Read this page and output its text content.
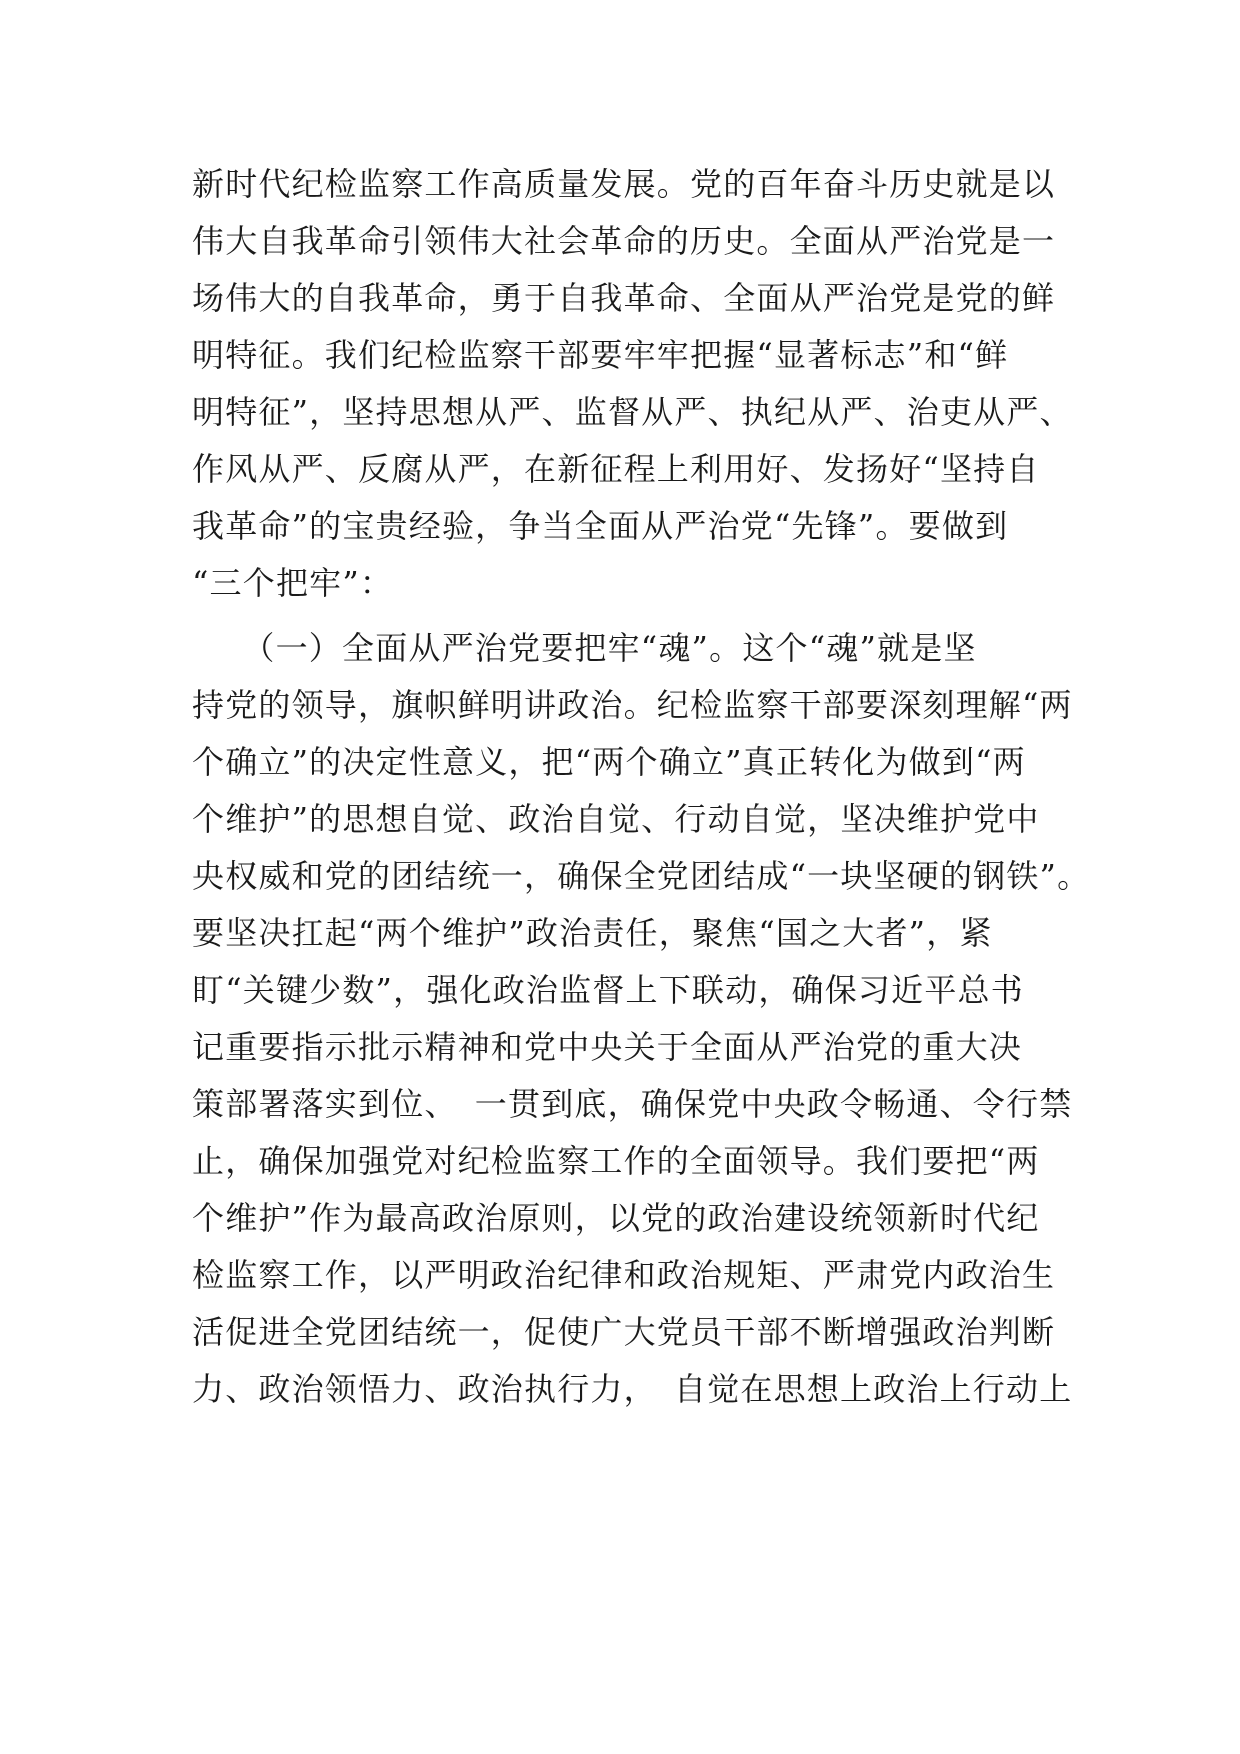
新时代纪检监察工作高质量发展。党的百年奋斗历史就是以
伟大自我革命引领伟大社会革命的历史。全面从严治党是一
场伟大的自我革命，勇于自我革命、全面从严治党是党的鲜
明特征。我们纪检监察干部要牢牢把握“显著标志”和“鲜
明特征”，坚持思想从严、监督从严、执纪从严、治吏从严、
作风从严、反腐从严，在新征程上利用好、发扬好“坚持自
我革命”的宝贵经验，争当全面从严治党“先锋”。要做到
“三个把牢”：
　　（一）全面从严治党要把牢“魂”。这个“魂”就是坚
持党的领导，旗帜鲜明讲政治。纪检监察干部要深刻理解“两
个确立”的决定性意义，把“两个确立”真正转化为做到“两
个维护”的思想自觉、政治自觉、行动自觉，坚决维护党中
央权威和党的团结统一，确保全党团结成“一块坚硬的钢铁”。
要坚决扛起“两个维护”政治责任，聚焦“国之大者”，紧
盯“关键少数”，强化政治监督上下联动，确保习近平总书
记重要指示批示精神和党中央关于全面从严治党的重大决
策部署落实到位、　一贯到底，确保党中央政令畅通、令行禁
止，确保加强党对纪检监察工作的全面领导。我们要把“两
个维护”作为最高政治原则，以党的政治建设统领新时代纪
检监察工作，以严明政治纪律和政治规矩、严肃党内政治生
活促进全党团结统一，促使广大党员干部不断增强政治判断
力、政治领悟力、政治执行力，　自觉在思想上政治上行动上
